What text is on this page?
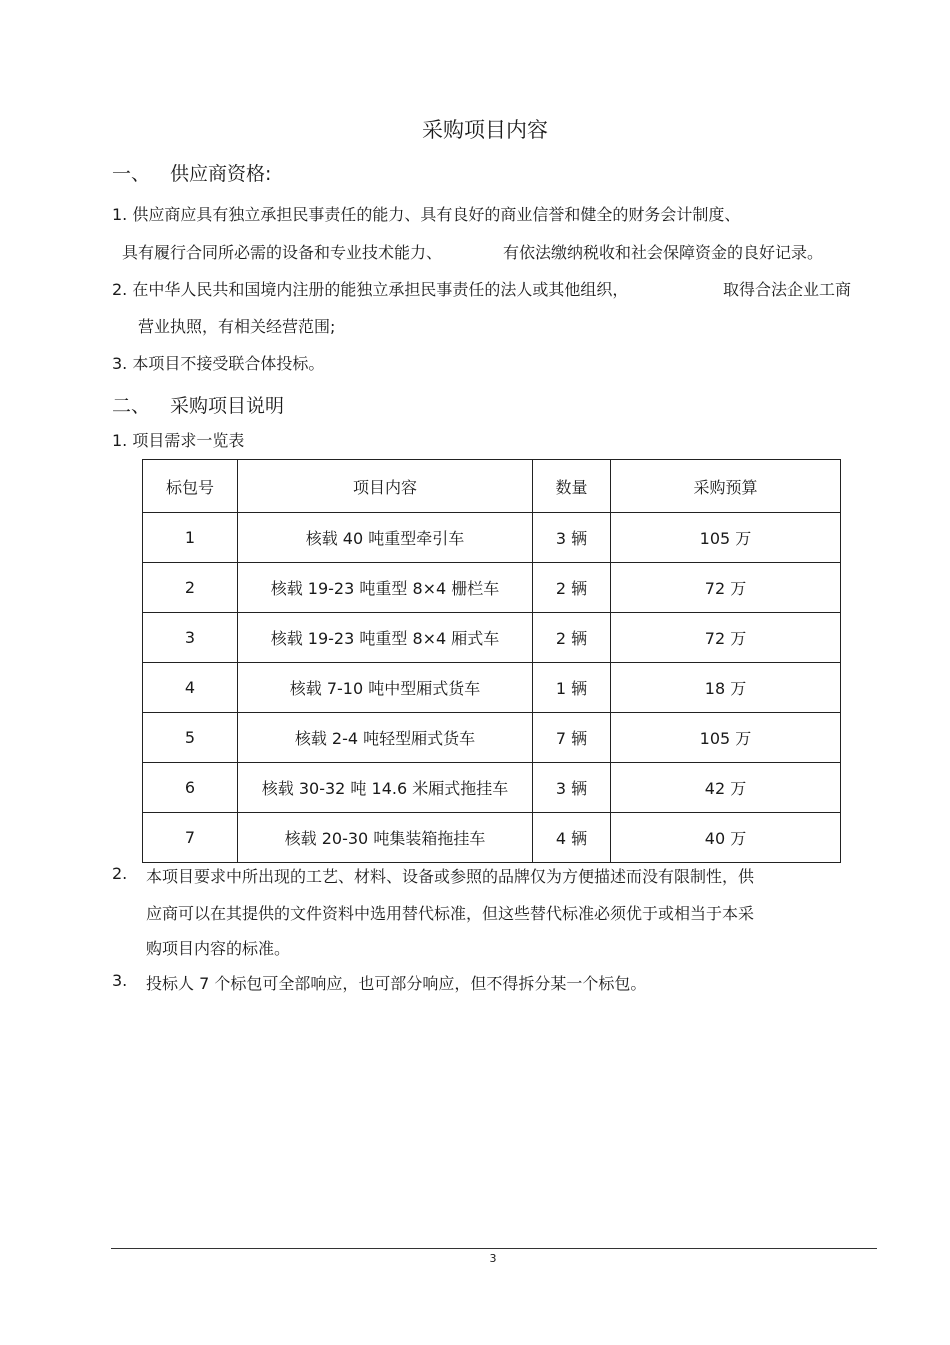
采购项目内容
一、 供应商资格:
1. 供应商应具有独立承担民事责任的能力、具有良好的商业信誉和健全的财务会计制度、
具有履行合同所必需的设备和专业技术能力、	有依法缴纳税收和社会保障资金的良好记录。
2. 在中华人民共和国境内注册的能独立承担民事责任的法人或其他组织，	取得合法企业工商
营业执照，有相关经营范围;
3. 本项目不接受联合体投标。
二、 采购项目说明
1. 项目需求一览表
标包号	项目内容	数量	采购预算
1	核载 40 吨重型牵引车	3 辆	105 万
2	核载 19-23 吨重型 8×4 栅栏车	2 辆	72 万
3	核载 19-23 吨重型 8×4 厢式车	2 辆	72 万
4	核载 7-10 吨中型厢式货车	1 辆	18 万
5	核载 2-4 吨轻型厢式货车	7 辆	105 万
6	核载 30-32 吨 14.6 米厢式拖挂车	3 辆	42 万
7	核载 20-30 吨集装箱拖挂车	4 辆	40 万
2. 本项目要求中所出现的工艺、材料、设备或参照的品牌仅为方便描述而没有限制性，供
应商可以在其提供的文件资料中选用替代标准，但这些替代标准必须优于或相当于本采
购项目内容的标准。
3. 投标人 7 个标包可全部响应，也可部分响应，但不得拆分某一个标包。
3
